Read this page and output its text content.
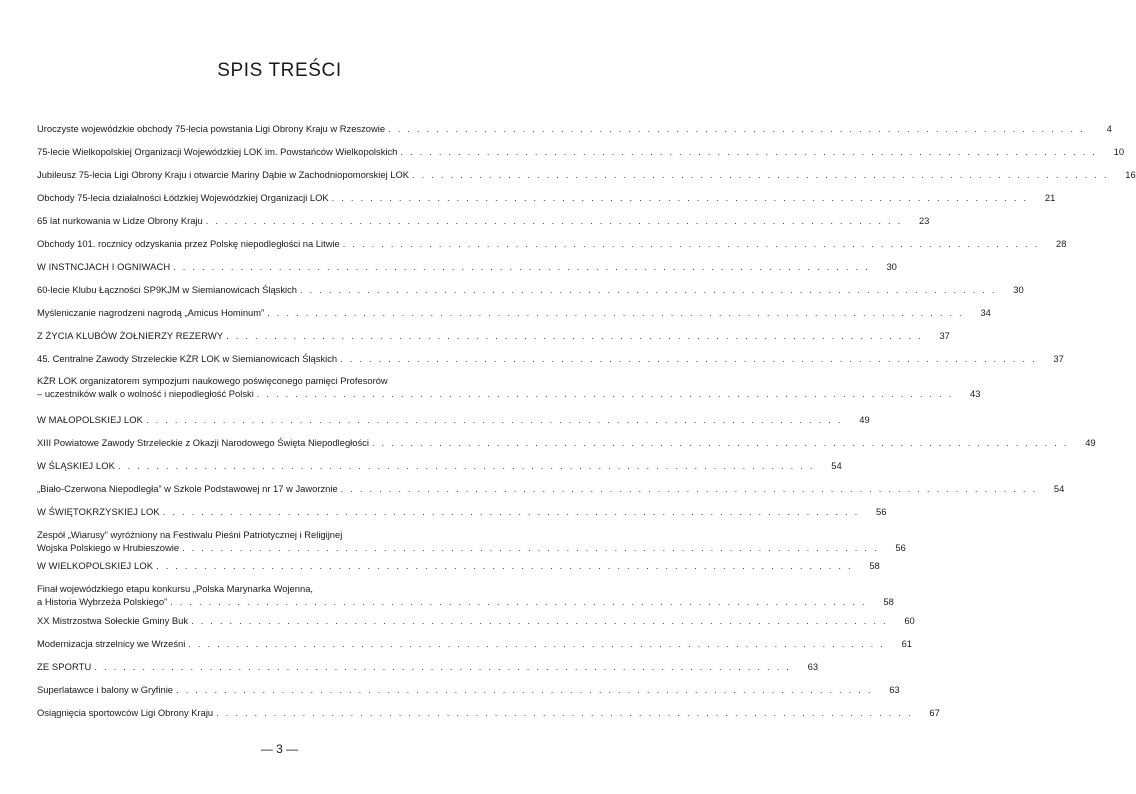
SPIS TREŚCI
Uroczyste wojewódzkie obchody 75-lecia powstania Ligi Obrony Kraju w Rzeszowie . . . . . . . . . . . . . . . . . . . . . . . . . . . . . . . . . . . . . . . . . . . . . . . . . . . . . . . . . . . . . . . . . . . . . . . . .	4
75-lecie Wielkopolskiej Organizacji Wojewódzkiej LOK im. Powstańców Wielkopolskich . . . . . . . . . . . . . . . . . . . . . . . . . . . . . . . . . . . . . . . . . . . . . . . . . . . . . . . . . . . . . . . . . . . . . . . . .	10
Jubileusz 75-lecia Ligi Obrony Kraju i otwarcie Mariny Dąbie w Zachodniopomorskiej LOK . . . . . . . . . . . . . . . . . . . . . . . . . . . . . . . . . . . . . . . . . . . . . . . . . . . . . . . . . . . . . . . . . . . . . . . . .	16
Obchody 75-lecia działalności Łódzkiej Wojewódzkiej Organizacji LOK . . . . . . . . . . . . . . . . . . . . . . . . . . . . . . . . . . . . . . . . . . . . . . . . . . . . . . . . . . . . . . . . . . . . . . . . .	21
65 lat nurkowania w Lidze Obrony Kraju . . . . . . . . . . . . . . . . . . . . . . . . . . . . . . . . . . . . . . . . . . . . . . . . . . . . . . . . . . . . . . . . . . . . . . . . .	23
Obchody 101. rocznicy odzyskania przez Polskę niepodległości na Litwie . . . . . . . . . . . . . . . . . . . . . . . . . . . . . . . . . . . . . . . . . . . . . . . . . . . . . . . . . . . . . . . . . . . . . . . . .	28
W INSTNCJACH I OGNIWACH . . . . . . . . . . . . . . . . . . . . . . . . . . . . . . . . . . . . . . . . . . . . . . . . . . . . . . . . . . . . . . . . . . . . . . . . .	30
60-lecie Klubu Łączności SP9KJM w Siemianowicach Śląskich . . . . . . . . . . . . . . . . . . . . . . . . . . . . . . . . . . . . . . . . . . . . . . . . . . . . . . . . . . . . . . . . . . . . . . . . .	30
Myśleniczanie nagrodzeni nagrodą „Amicus Hominum” . . . . . . . . . . . . . . . . . . . . . . . . . . . . . . . . . . . . . . . . . . . . . . . . . . . . . . . . . . . . . . . . . . . . . . . . .	34
Z ŻYCIA KLUBÓW ŻOŁNIERZY REZERWY . . . . . . . . . . . . . . . . . . . . . . . . . . . . . . . . . . . . . . . . . . . . . . . . . . . . . . . . . . . . . . . . . . . . . . . . .	37
45. Centralne Zawody Strzeleckie KŻR LOK w Siemianowicach Śląskich . . . . . . . . . . . . . . . . . . . . . . . . . . . . . . . . . . . . . . . . . . . . . . . . . . . . . . . . . . . . . . . . . . . . . . . . .	37
KŻR LOK organizatorem sympozjum naukowego poświęconego pamięci Profesorów
– uczestników walk o wolność i niepodległość Polski . . . . . . . . . . . . . . . . . . . . . . . . . . . . . . . . . . . . . . . . . . . . . . . . . . . . . . . . . . . . . . . . . . . . . . . . .	43
W MAŁOPOLSKIEJ LOK . . . . . . . . . . . . . . . . . . . . . . . . . . . . . . . . . . . . . . . . . . . . . . . . . . . . . . . . . . . . . . . . . . . . . . . . .	49
XIII Powiatowe Zawody Strzeleckie z Okazji Narodowego Święta Niepodległości . . . . . . . . . . . . . . . . . . . . . . . . . . . . . . . . . . . . . . . . . . . . . . . . . . . . . . . . . . . . . . . . . . . . . . . . .	49
W ŚLĄSKIEJ LOK . . . . . . . . . . . . . . . . . . . . . . . . . . . . . . . . . . . . . . . . . . . . . . . . . . . . . . . . . . . . . . . . . . . . . . . . .	54
„Biało-Czerwona Niepodległa” w Szkole Podstawowej nr 17 w Jaworznie . . . . . . . . . . . . . . . . . . . . . . . . . . . . . . . . . . . . . . . . . . . . . . . . . . . . . . . . . . . . . . . . . . . . . . . . .	54
W ŚWIĘTOKRZYSKIEJ LOK . . . . . . . . . . . . . . . . . . . . . . . . . . . . . . . . . . . . . . . . . . . . . . . . . . . . . . . . . . . . . . . . . . . . . . . . .	56
Zespół „Wiarusy” wyróżniony na Festiwalu Pieśni Patriotycznej i Religijnej
Wojska Polskiego w Hrubieszowie . . . . . . . . . . . . . . . . . . . . . . . . . . . . . . . . . . . . . . . . . . . . . . . . . . . . . . . . . . . . . . . . . . . . . . . . .	56
W WIELKOPOLSKIEJ LOK . . . . . . . . . . . . . . . . . . . . . . . . . . . . . . . . . . . . . . . . . . . . . . . . . . . . . . . . . . . . . . . . . . . . . . . . .	58
Finał wojewódzkiego etapu konkursu „Polska Marynarka Wojenna,
a Historia Wybrzeża Polskiego” . . . . . . . . . . . . . . . . . . . . . . . . . . . . . . . . . . . . . . . . . . . . . . . . . . . . . . . . . . . . . . . . . . . . . . . . .	58
XX Mistrzostwa Sołeckie Gminy Buk . . . . . . . . . . . . . . . . . . . . . . . . . . . . . . . . . . . . . . . . . . . . . . . . . . . . . . . . . . . . . . . . . . . . . . . . .	60
Modernizacja strzelnicy we Wrześni . . . . . . . . . . . . . . . . . . . . . . . . . . . . . . . . . . . . . . . . . . . . . . . . . . . . . . . . . . . . . . . . . . . . . . . . .	61
ZE SPORTU . . . . . . . . . . . . . . . . . . . . . . . . . . . . . . . . . . . . . . . . . . . . . . . . . . . . . . . . . . . . . . . . . . . . . . . . .	63
Superlatawce i balony w Gryfinie . . . . . . . . . . . . . . . . . . . . . . . . . . . . . . . . . . . . . . . . . . . . . . . . . . . . . . . . . . . . . . . . . . . . . . . . .	63
Osiągnięcia sportowców Ligi Obrony Kraju . . . . . . . . . . . . . . . . . . . . . . . . . . . . . . . . . . . . . . . . . . . . . . . . . . . . . . . . . . . . . . . . . . . . . . . . .	67
— 3 —
